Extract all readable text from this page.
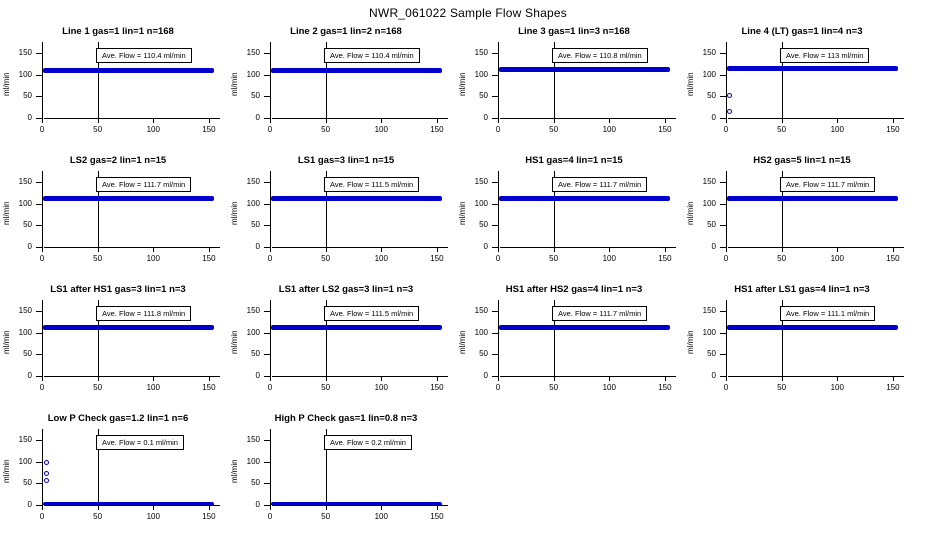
NWR_061022 Sample Flow Shapes
Line 1 gas=1 lin=1 n=168
ml/min
0
50
100
150
0	50	100	150
Ave. Flow = 110.4 ml/min
Line 2 gas=1 lin=2 n=168
ml/min
0
50
100
150
0	50	100	150
Ave. Flow = 110.4 ml/min
Line 3 gas=1 lin=3 n=168
ml/min
0
50
100
150
0	50	100	150
Ave. Flow = 110.8 ml/min
Line 4 (LT) gas=1 lin=4 n=3
ml/min
0
50
100
150
0	50	100	150
Ave. Flow = 113 ml/min
LS2 gas=2 lin=1 n=15
ml/min
0
50
100
150
0	50	100	150
Ave. Flow = 111.7 ml/min
LS1 gas=3 lin=1 n=15
ml/min
0
50
100
150
0	50	100	150
Ave. Flow = 111.5 ml/min
HS1 gas=4 lin=1 n=15
ml/min
0
50
100
150
0	50	100	150
Ave. Flow = 111.7 ml/min
HS2 gas=5 lin=1 n=15
ml/min
0
50
100
150
0	50	100	150
Ave. Flow = 111.7 ml/min
LS1 after HS1 gas=3 lin=1 n=3
ml/min
0
50
100
150
0	50	100	150
Ave. Flow = 111.8 ml/min
LS1 after LS2 gas=3 lin=1 n=3
ml/min
0
50
100
150
0	50	100	150
Ave. Flow = 111.5 ml/min
HS1 after HS2 gas=4 lin=1 n=3
ml/min
0
50
100
150
0	50	100	150
Ave. Flow = 111.7 ml/min
HS1 after LS1 gas=4 lin=1 n=3
ml/min
0
50
100
150
0	50	100	150
Ave. Flow = 111.1 ml/min
Low P Check gas=1.2 lin=1 n=6
ml/min
0
50
100
150
0	50	100	150
Ave. Flow = 0.1 ml/min
High P Check gas=1 lin=0.8 n=3
ml/min
0
50
100
150
0	50	100	150
Ave. Flow = 0.2 ml/min
